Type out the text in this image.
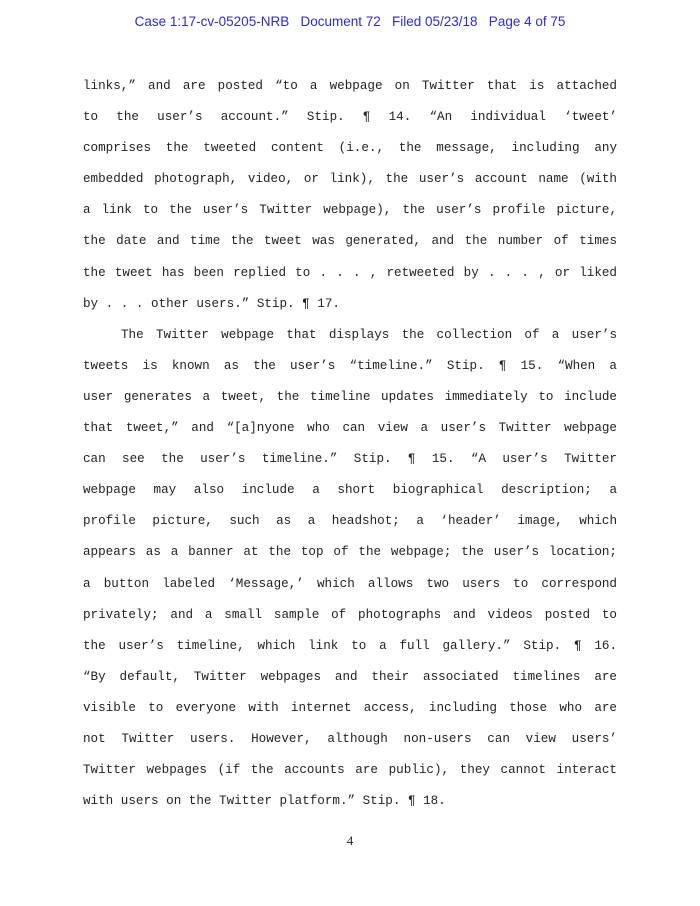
Case 1:17-cv-05205-NRB   Document 72   Filed 05/23/18   Page 4 of 75
links,” and are posted “to a webpage on Twitter that is attached
to the user’s account.” Stip. ¶ 14. “An individual ‘tweet’
comprises the tweeted content (i.e., the message, including any
embedded photograph, video, or link), the user’s account name (with
a link to the user’s Twitter webpage), the user’s profile picture,
the date and time the tweet was generated, and the number of times
the tweet has been replied to . . . , retweeted by . . . , or liked
by . . . other users.” Stip. ¶ 17.
The Twitter webpage that displays the collection of a user’s
tweets is known as the user’s “timeline.” Stip. ¶ 15. “When a
user generates a tweet, the timeline updates immediately to include
that tweet,” and “[a]nyone who can view a user’s Twitter webpage
can see the user’s timeline.” Stip. ¶ 15. “A user’s Twitter
webpage may also include a short biographical description; a
profile picture, such as a headshot; a ‘header’ image, which
appears as a banner at the top of the webpage; the user’s location;
a button labeled ‘Message,’ which allows two users to correspond
privately; and a small sample of photographs and videos posted to
the user’s timeline, which link to a full gallery.” Stip. ¶ 16.
“By default, Twitter webpages and their associated timelines are
visible to everyone with internet access, including those who are
not Twitter users. However, although non-users can view users’
Twitter webpages (if the accounts are public), they cannot interact
with users on the Twitter platform.” Stip. ¶ 18.
4
